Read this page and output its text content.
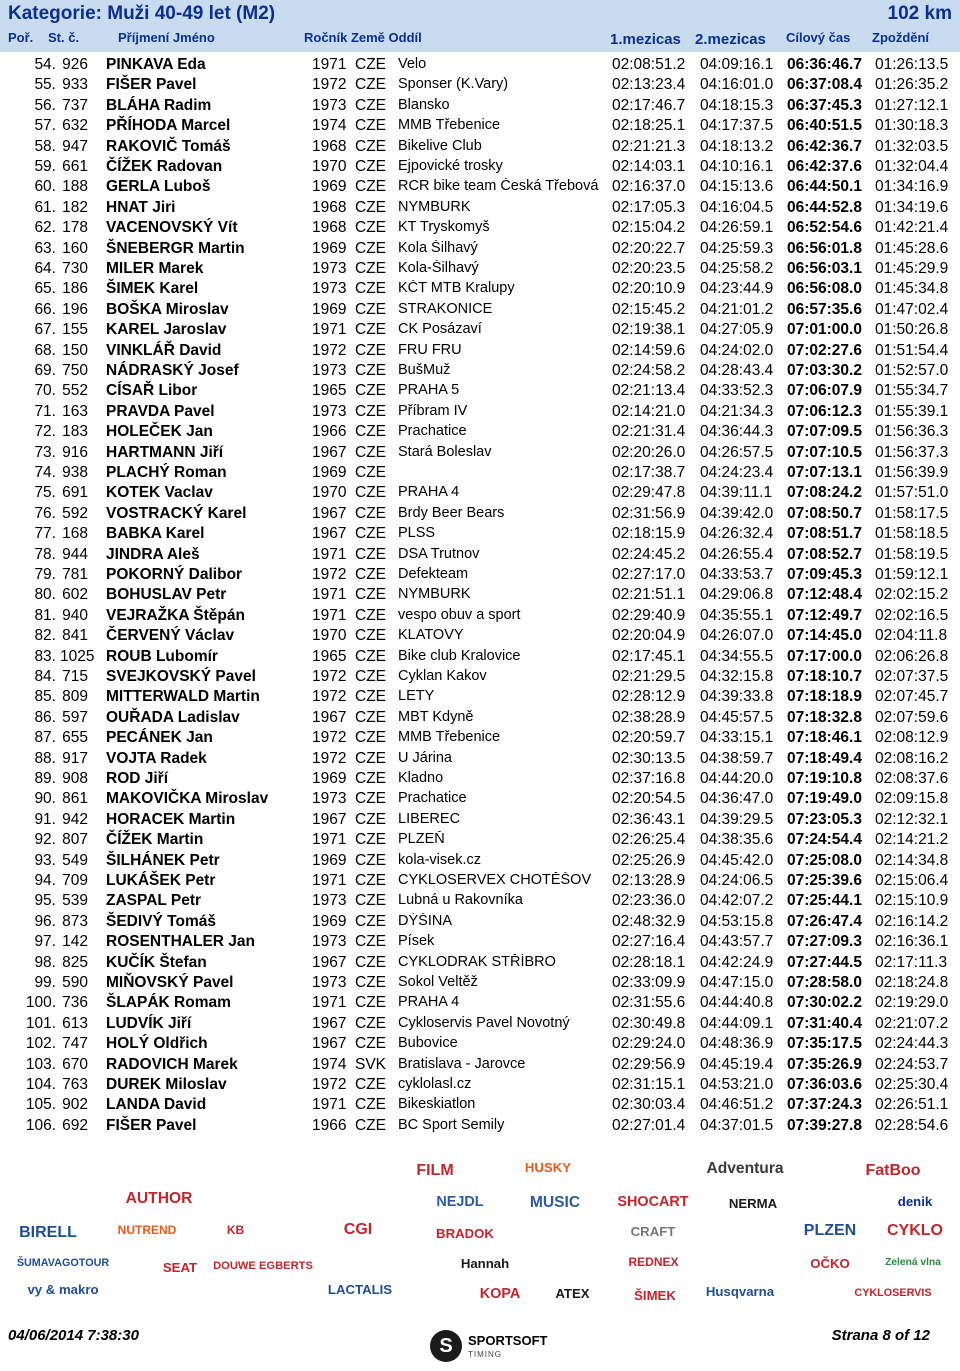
Kategorie: Muži 40-49 let (M2)	102 km
Poř. St. č.	Příjmení Jméno	Ročník Země Oddíl	1.mezicas 2.mezicas Cílový čas Zpoždění
54. 926 PINKAVA Eda	1971 CZE Velo	02:08:51.2 04:09:16.1 06:36:46.7 01:26:13.5
55. 933 FIŠER Pavel	1972 CZE Sponser (K.Vary)	02:13:23.4 04:16:01.0 06:37:08.4 01:26:35.2
56. 737 BLÁHA Radim	1973 CZE Blansko	02:17:46.7 04:18:15.3 06:37:45.3 01:27:12.1
57. 632 PŘÍHODA Marcel	1974 CZE MMB Třebenice	02:18:25.1 04:17:37.5 06:40:51.5 01:30:18.3
58. 947 RAKOVIČ Tomáš	1968 CZE Bikelive Club	02:21:21.3 04:18:13.2 06:42:36.7 01:32:03.5
59. 661 ČÍŽEK Radovan	1970 CZE Ejpovické trosky	02:14:03.1 04:10:16.1 06:42:37.6 01:32:04.4
60. 188 GERLA Luboš	1969 CZE RCR bike team Česká Třebová 02:16:37.0 04:15:13.6 06:44:50.1 01:34:16.9
61. 182 HNAT Jiri	1968 CZE NYMBURK	02:17:05.3 04:16:04.5 06:44:52.8 01:34:19.6
62. 178 VACENOVSKÝ Vít	1968 CZE KT Tryskomyš	02:15:04.2 04:26:59.1 06:52:54.6 01:42:21.4
63. 160 ŠNEBERGR Martin	1969 CZE Kola Šilhavý	02:20:22.7 04:25:59.3 06:56:01.8 01:45:28.6
64. 730 MILER Marek	1973 CZE Kola-Šilhavý	02:20:23.5 04:25:58.2 06:56:03.1 01:45:29.9
65. 186 ŠIMEK Karel	1973 CZE KČT MTB Kralupy	02:20:10.9 04:23:44.9 06:56:08.0 01:45:34.8
66. 196 BOŠKA Miroslav	1969 CZE STRAKONICE	02:15:45.2 04:21:01.2 06:57:35.6 01:47:02.4
67. 155 KAREL Jaroslav	1971 CZE CK Posázaví	02:19:38.1 04:27:05.9 07:01:00.0 01:50:26.8
68. 150 VINKLÁŘ David	1972 CZE FRU FRU	02:14:59.6 04:24:02.0 07:02:27.6 01:51:54.4
69. 750 NÁDRASKÝ Josef	1973 CZE BušMuž	02:24:58.2 04:28:43.4 07:03:30.2 01:52:57.0
70. 552 CÍSAŘ Libor	1965 CZE PRAHA 5	02:21:13.4 04:33:52.3 07:06:07.9 01:55:34.7
71. 163 PRAVDA Pavel	1973 CZE Příbram IV	02:14:21.0 04:21:34.3 07:06:12.3 01:55:39.1
72. 183 HOLEČEK Jan	1966 CZE Prachatice	02:21:31.4 04:36:44.3 07:07:09.5 01:56:36.3
73. 916 HARTMANN Jiří	1967 CZE Stará Boleslav	02:20:26.0 04:26:57.5 07:07:10.5 01:56:37.3
74. 938 PLACHÝ Roman	1969 CZE	02:17:38.7 04:24:23.4 07:07:13.1 01:56:39.9
75. 691 KOTEK Vaclav	1970 CZE PRAHA 4	02:29:47.8 04:39:11.1 07:08:24.2 01:57:51.0
76. 592 VOSTRACKÝ Karel	1967 CZE Brdy Beer Bears	02:31:56.9 04:39:42.0 07:08:50.7 01:58:17.5
77. 168 BABKA Karel	1967 CZE PLSS	02:18:15.9 04:26:32.4 07:08:51.7 01:58:18.5
78. 944 JINDRA Aleš	1971 CZE DSA Trutnov	02:24:45.2 04:26:55.4 07:08:52.7 01:58:19.5
79. 781 POKORNÝ Dalibor	1972 CZE Defekteam	02:27:17.0 04:33:53.7 07:09:45.3 01:59:12.1
80. 602 BOHUSLAV Petr	1971 CZE NYMBURK	02:21:51.1 04:29:06.8 07:12:48.4 02:02:15.2
81. 940 VEJRAŽKA Štěpán	1971 CZE vespo obuv a sport	02:29:40.9 04:35:55.1 07:12:49.7 02:02:16.5
82. 841 ČERVENÝ Václav	1970 CZE KLATOVY	02:20:04.9 04:26:07.0 07:14:45.0 02:04:11.8
83. 1025 ROUB Lubomír	1965 CZE Bike club Kralovice	02:17:45.1 04:34:55.5 07:17:00.0 02:06:26.8
84. 715 SVEJKOVSKÝ Pavel	1972 CZE Cyklan Kakov	02:21:29.5 04:32:15.8 07:18:10.7 02:07:37.5
85. 809 MITTERWALD Martin	1972 CZE LETY	02:28:12.9 04:39:33.8 07:18:18.9 02:07:45.7
86. 597 OUŘADA Ladislav	1967 CZE MBT Kdyně	02:38:28.9 04:45:57.5 07:18:32.8 02:07:59.6
87. 655 PECÁNEK Jan	1972 CZE MMB Třebenice	02:20:59.7 04:33:15.1 07:18:46.1 02:08:12.9
88. 917 VOJTA Radek	1972 CZE U Járina	02:30:13.5 04:38:59.7 07:18:49.4 02:08:16.2
89. 908 ROD Jiří	1969 CZE Kladno	02:37:16.8 04:44:20.0 07:19:10.8 02:08:37.6
90. 861 MAKOVIČKA Miroslav	1973 CZE Prachatice	02:20:54.5 04:36:47.0 07:19:49.0 02:09:15.8
91. 942 HORACEK Martin	1967 CZE LIBEREC	02:36:43.1 04:39:29.5 07:23:05.3 02:12:32.1
92. 807 ČÍŽEK Martin	1971 CZE PLZEŇ	02:26:25.4 04:38:35.6 07:24:54.4 02:14:21.2
93. 549 ŠILHÁNEK Petr	1969 CZE kola-visek.cz	02:25:26.9 04:45:42.0 07:25:08.0 02:14:34.8
94. 709 LUKÁŠEK Petr	1971 CZE CYKLOSERVEX CHOTĚŠOV	02:13:28.9 04:24:06.5 07:25:39.6 02:15:06.4
95. 539 ZASPAL Petr	1973 CZE Lubná u Rakovníka	02:23:36.0 04:42:07.2 07:25:44.1 02:15:10.9
96. 873 ŠEDIVÝ Tomáš	1969 CZE DÝŠINA	02:48:32.9 04:53:15.8 07:26:47.4 02:16:14.2
97. 142 ROSENTHALER Jan	1973 CZE Písek	02:27:16.4 04:43:57.7 07:27:09.3 02:16:36.1
98. 825 KUČÍK Štefan	1967 CZE CYKLODRAK STŘÍBRO	02:28:18.1 04:42:24.9 07:27:44.5 02:17:11.3
99. 590 MIŇOVSKÝ Pavel	1973 CZE Sokol Veltěž	02:33:09.9 04:47:15.0 07:28:58.0 02:18:24.8
100. 736 ŠLAPÁK Romam	1971 CZE PRAHA 4	02:31:55.6 04:44:40.8 07:30:02.2 02:19:29.0
101. 613 LUDVÍK Jiří	1967 CZE Cykloservis Pavel Novotný	02:30:49.8 04:44:09.1 07:31:40.4 02:21:07.2
102. 747 HOLÝ Oldřich	1967 CZE Bubovice	02:29:24.0 04:48:36.9 07:35:17.5 02:24:44.3
103. 670 RADOVICH Marek	1974 SVK Bratislava - Jarovce	02:29:56.9 04:45:19.4 07:35:26.9 02:24:53.7
104. 763 DUREK Miloslav	1972 CZE cyklolasl.cz	02:31:15.1 04:53:21.0 07:36:03.6 02:25:30.4
105. 902 LANDA David	1971 CZE Bikeskiatlon	02:30:03.4 04:46:51.2 07:37:24.3 02:26:51.1
106. 692 FIŠER Pavel	1966 CZE BC Sport Semily	02:27:01.4 04:37:01.5 07:39:27.8 02:28:54.6
FILM	HUSKY	Adventura	FatBoo
AUTHOR	NEJDL	MUSIC	SHOCART	NERMA	denik
BIRELL	NUTREND	KB	CGI	BRADOK	CRAFT	PLZEN	CYKLO
ŠUMAVAGOTOUR	SEAT	DOUWE EGBERTS	Hannah	REDNEX	OČKO	Zelená vlna
vy & makro	LACTALIS	KOPA	ATEX	ŠIMEK	Husqvarna	CYKLOSERVIS
04/06/2014 7:38:30	S	SPORTSOFT
TIMING
Strana 8 of 12
